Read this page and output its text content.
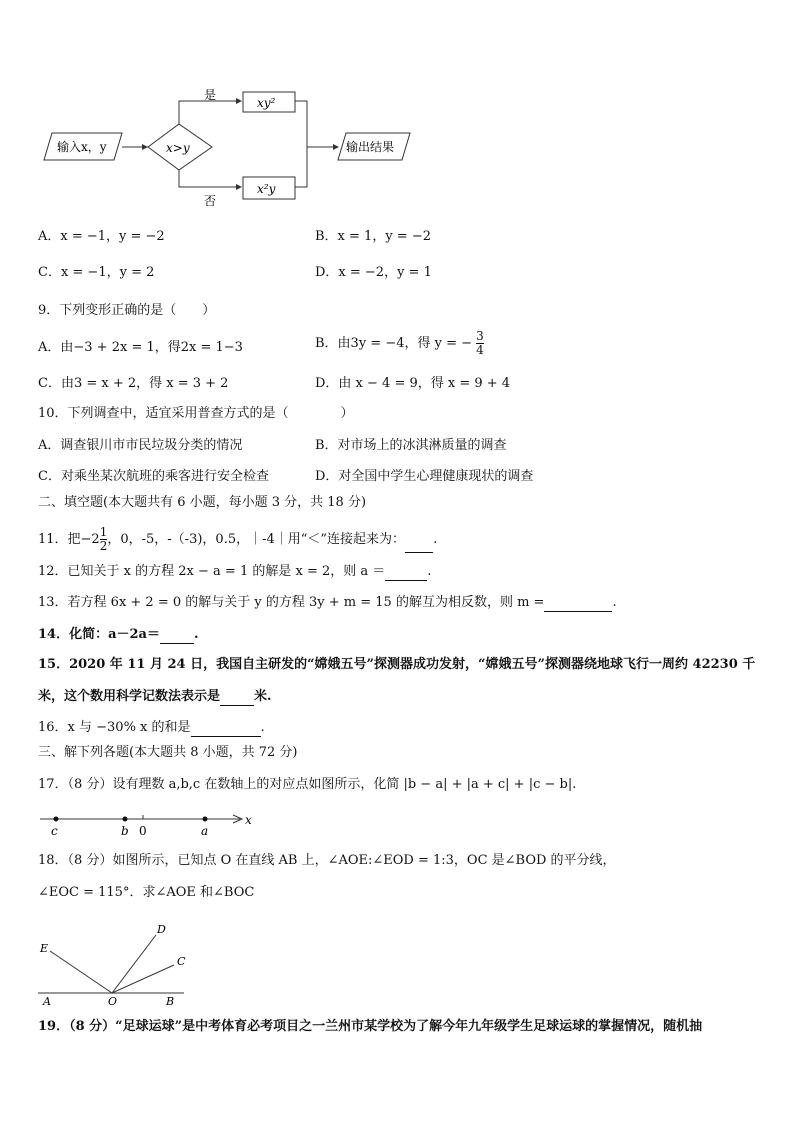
输入x，y	x>y
是
xy²
否
x²y
输出结果
A．x = −1，y = −2	B．x = 1，y = −2
C．x = −1，y = 2	D．x = −2，y = 1
9．下列变形正确的是（　　）
A．由−3 + 2x = 1，得2x = 1−3	B．由3y = −4，得 y = − $\frac{3}{4}$
C．由3 = x + 2，得 x = 3 + 2	D．由 x − 4 = 9，得 x = 9 + 4
10．下列调查中，适宜采用普查方式的是（　　　　）
A．调查银川市市民垃圾分类的情况	B．对市场上的冰淇淋质量的调查
C．对乘坐某次航班的乘客进行安全检查	D．对全国中学生心理健康现状的调查
二、填空题(本大题共有 6 小题，每小题 3 分，共 18 分)
11．把$-2 \frac{1}{2}$ ，0，-5，-（-3)，0.5，｜-4｜用“＜”连接起来为： .
12．已知关于 x 的方程 2x − a = 1 的解是 x = 2，则 a ＝	.
13．若方程 6x + 2 = 0 的解与关于 y 的方程 3y + m = 15 的解互为相反数，则 m =	.
14．化简：a－2a＝	.
15．2020 年 11 月 24 日，我国自主研发的“嫦娥五号”探测器成功发射，“嫦娥五号”探测器绕地球飞行一周约 42230 千
米，这个数用科学记数法表示是	米.
16．x 与 −30% x 的和是	.
三、解下列各题(本大题共 8 小题，共 72 分)
17．（8 分）设有理数 a,b,c 在数轴上的对应点如图所示，化简 |b − a| + |a + c| + |c − b|.
x
c	b 0	a
18．（8 分）如图所示，已知点 O 在直线 AB 上，∠AOE:∠EOD = 1:3，OC 是∠BOD 的平分线，
∠EOC = 115°．求∠AOE 和∠BOC
E
D
C
A	O	B
19．（8 分）“足球运球”是中考体育必考项目之一兰州市某学校为了解今年九年级学生足球运球的掌握情况，随机抽
